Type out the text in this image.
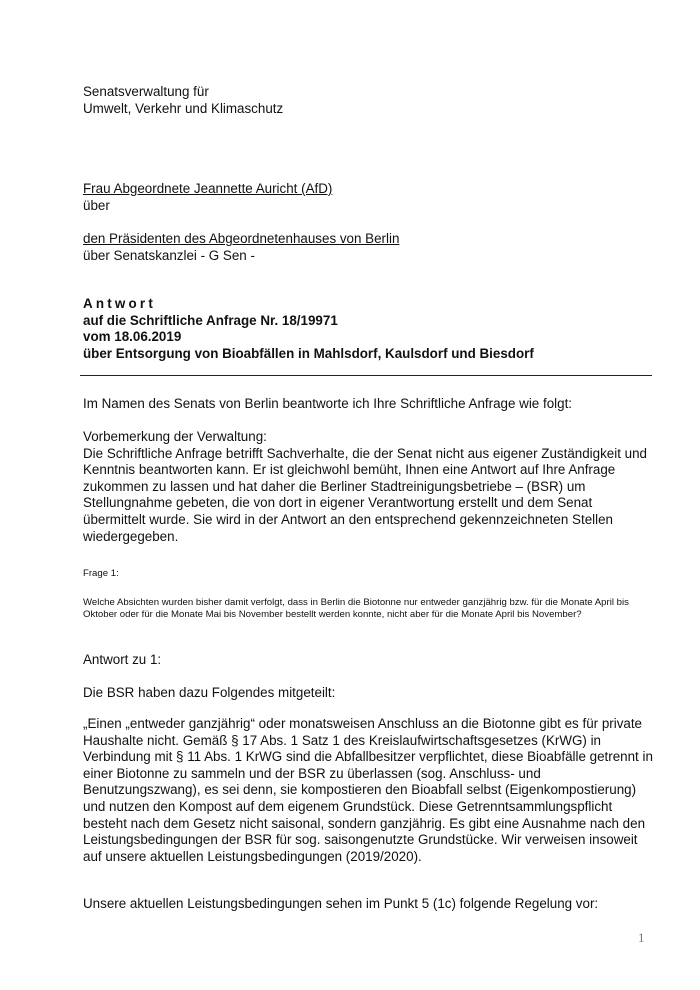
Senatsverwaltung für
Umwelt, Verkehr und Klimaschutz
Frau Abgeordnete Jeannette Auricht (AfD)
über
den Präsidenten des Abgeordnetenhauses von Berlin
über Senatskanzlei - G Sen -
Antwort
auf die Schriftliche Anfrage Nr. 18/19971
vom 18.06.2019
über Entsorgung von Bioabfällen in Mahlsdorf, Kaulsdorf und Biesdorf
Im Namen des Senats von Berlin beantworte ich Ihre Schriftliche Anfrage wie folgt:
Vorbemerkung der Verwaltung:
Die Schriftliche Anfrage betrifft Sachverhalte, die der Senat nicht aus eigener Zuständigkeit und Kenntnis beantworten kann. Er ist gleichwohl bemüht, Ihnen eine Antwort auf Ihre Anfrage zukommen zu lassen und hat daher die Berliner Stadtreinigungsbetriebe – (BSR) um Stellungnahme gebeten, die von dort in eigener Verantwortung erstellt und dem Senat übermittelt wurde. Sie wird in der Antwort an den entsprechend gekennzeichneten Stellen wiedergegeben.
Frage 1:
Welche Absichten wurden bisher damit verfolgt, dass in Berlin die Biotonne nur entweder ganzjährig bzw. für die Monate April bis Oktober oder für die Monate Mai bis November bestellt werden konnte, nicht aber für die Monate April bis November?
Antwort zu 1:
Die BSR haben dazu Folgendes mitgeteilt:
„Einen „entweder ganzjährig“ oder monatsweisen Anschluss an die Biotonne gibt es für private Haushalte nicht. Gemäß § 17 Abs. 1 Satz 1 des Kreislaufwirtschaftsgesetzes (KrWG) in Verbindung mit § 11 Abs. 1 KrWG sind die Abfallbesitzer verpflichtet, diese Bioabfälle getrennt in einer Biotonne zu sammeln und der BSR zu überlassen (sog. Anschluss- und Benutzungszwang), es sei denn, sie kompostieren den Bioabfall selbst (Eigenkompostierung) und nutzen den Kompost auf dem eigenem Grundstück. Diese Getrenntsammlungspflicht besteht nach dem Gesetz nicht saisonal, sondern ganzjährig. Es gibt eine Ausnahme nach den Leistungsbedingungen der BSR für sog. saisongenutzte Grundstücke. Wir verweisen insoweit auf unsere aktuellen Leistungsbedingungen (2019/2020).
Unsere aktuellen Leistungsbedingungen sehen im Punkt 5 (1c) folgende Regelung vor:
1
